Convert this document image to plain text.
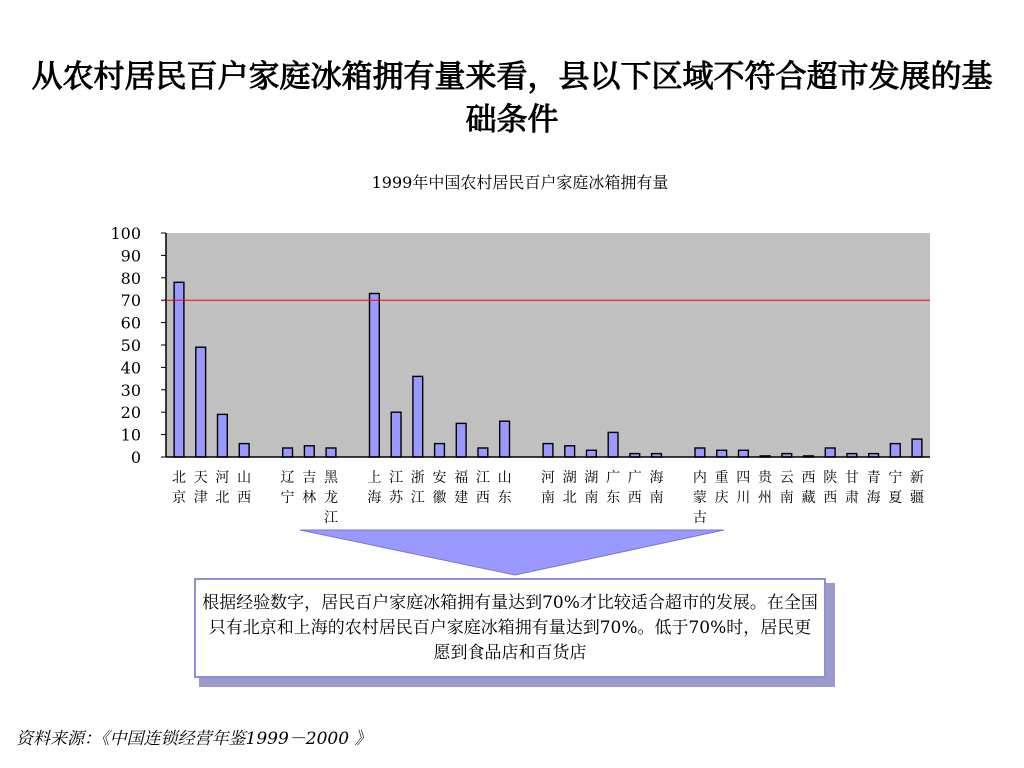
从农村居民百户家庭冰箱拥有量来看，县以下区域不符合超市发展的基础条件
1999年中国农村居民百户家庭冰箱拥有量
0
10
20
30
40
50
60
70
80
90
100
北京
天津
河北
山西
辽宁
吉林
黑龙江
上海
江苏
浙江
安徽
福建
江西
山东
河南
湖北
湖南
广东
广西
海南
内蒙古
重庆
四川
贵州
云南
西藏
陕西
甘肃
青海
宁夏
新疆

根据经验数字，居民百户家庭冰箱拥有量达到70%才比较适合超市的发展。在全国只有北京和上海的农村居民百户家庭冰箱拥有量达到70%。低于70%时，居民更愿到食品店和百货店

资料来源：《中国连锁经营年鉴1999－2000 》
